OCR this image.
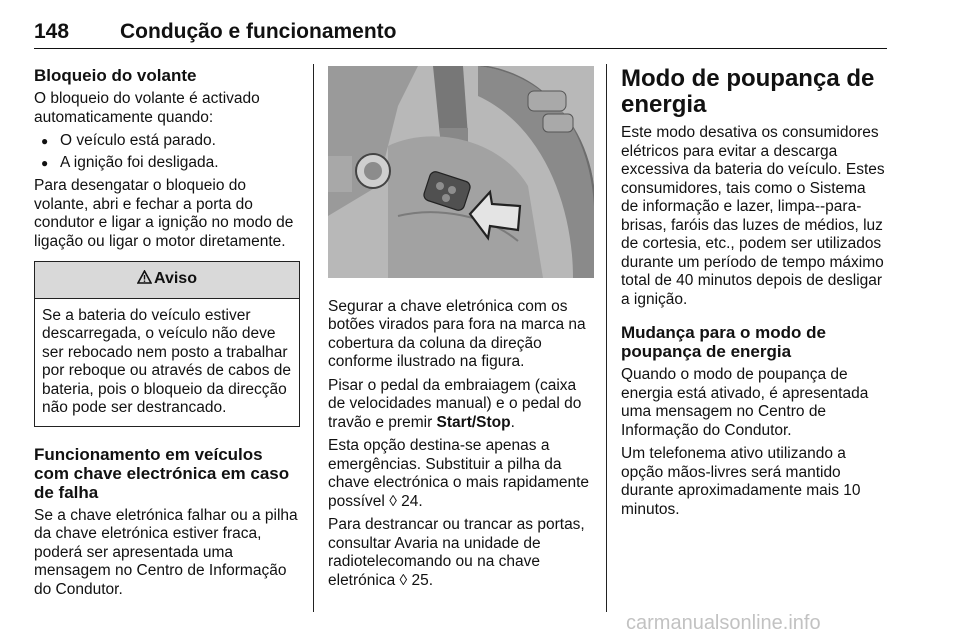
148 Condução e funcionamento
Bloqueio do volante

O bloqueio do volante é activado automaticamente quando:

● O veículo está parado.
● A ignição foi desligada.

Para desengatar o bloqueio do volante, abri e fechar a porta do condutor e ligar a ignição no modo de ligação ou ligar o motor diretamente.

Aviso
Se a bateria do veículo estiver descarregada, o veículo não deve ser rebocado nem posto a trabalhar por reboque ou através de cabos de bateria, pois o bloqueio da direcção não pode ser destrancado.
Funcionamento em veículos com chave electrónica em caso de falha

Se a chave eletrónica falhar ou a pilha da chave eletrónica estiver fraca, poderá ser apresentada uma mensagem no Centro de Informação do Condutor.

Segurar a chave eletrónica com os botões virados para fora na marca na cobertura da coluna da direção conforme ilustrado na figura.

Pisar o pedal da embraiagem (caixa de velocidades manual) e o pedal do travão e premir Start/Stop.

Esta opção destina-se apenas a emergências. Substituir a pilha da chave electrónica o mais rapidamente possível ◊ 24.

Para destrancar ou trancar as portas, consultar Avaria na unidade de radiotelecomando ou na chave eletrónica ◊ 25.

Modo de poupança de energia

Este modo desativa os consumidores elétricos para evitar a descarga excessiva da bateria do veículo. Estes consumidores, tais como o Sistema de informação e lazer, limpa--para-brisas, faróis das luzes de médios, luz de cortesia, etc., podem ser utilizados durante um período de tempo máximo total de 40 minutos depois de desligar a ignição.

Mudança para o modo de poupança de energia

Quando o modo de poupança de energia está ativado, é apresentada uma mensagem no Centro de Informação do Condutor.

Um telefonema ativo utilizando a opção mãos-livres será mantido durante aproximadamente mais 10 minutos.

carmanualsonline.info
